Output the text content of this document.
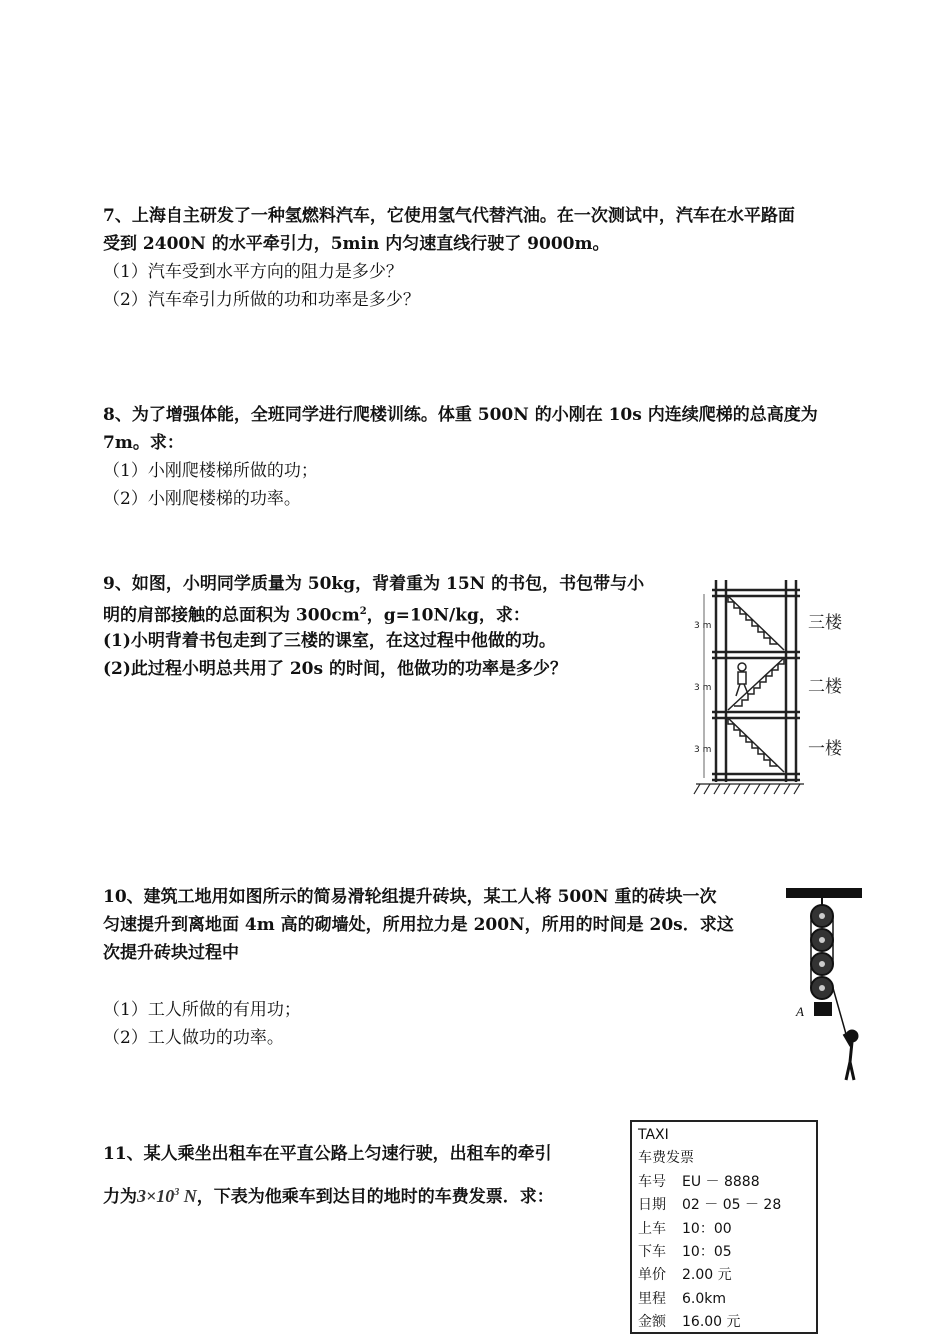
7、上海自主研发了一种氢燃料汽车，它使用氢气代替汽油。在一次测试中，汽车在水平路面

受到 2400N 的水平牵引力，5min 内匀速直线行驶了 9000m。

（1）汽车受到水平方向的阻力是多少？

（2）汽车牵引力所做的功和功率是多少？

8、为了增强体能，全班同学进行爬楼训练。体重 500N 的小刚在 10s 内连续爬梯的总高度为

7m。求：

（1）小刚爬楼梯所做的功；

（2）小刚爬楼梯的功率。

9、如图，小明同学质量为 50kg，背着重为 15N 的书包，书包带与小

明的肩部接触的总面积为 $300cm^2$，g=10N/kg，求：

(1)小明背着书包走到了三楼的课室，在这过程中他做的功。

(2)此过程小明总共用了 20s 的时间，他做功的功率是多少？

3 m
3 m
3 m
三楼
二楼
一楼

10、建筑工地用如图所示的简易滑轮组提升砖块，某工人将 500N 重的砖块一次

匀速提升到离地面 4m 高的砌墙处，所用拉力是 200N，所用的时间是 20s．求这

次提升砖块过程中

（1）工人所做的有用功；

（2）工人做功的功率。

A

11、某人乘坐出租车在平直公路上匀速行驶，出租车的牵引

力为$3\times 10^3$ N，下表为他乘车到达目的地时的车费发票．求：

TAXI
车费发票
车号	EU － 8888
日期	02 － 05 － 28
上车	10：00
下车	10：05
单价	2.00 元
里程	6.0km
金额	16.00 元
